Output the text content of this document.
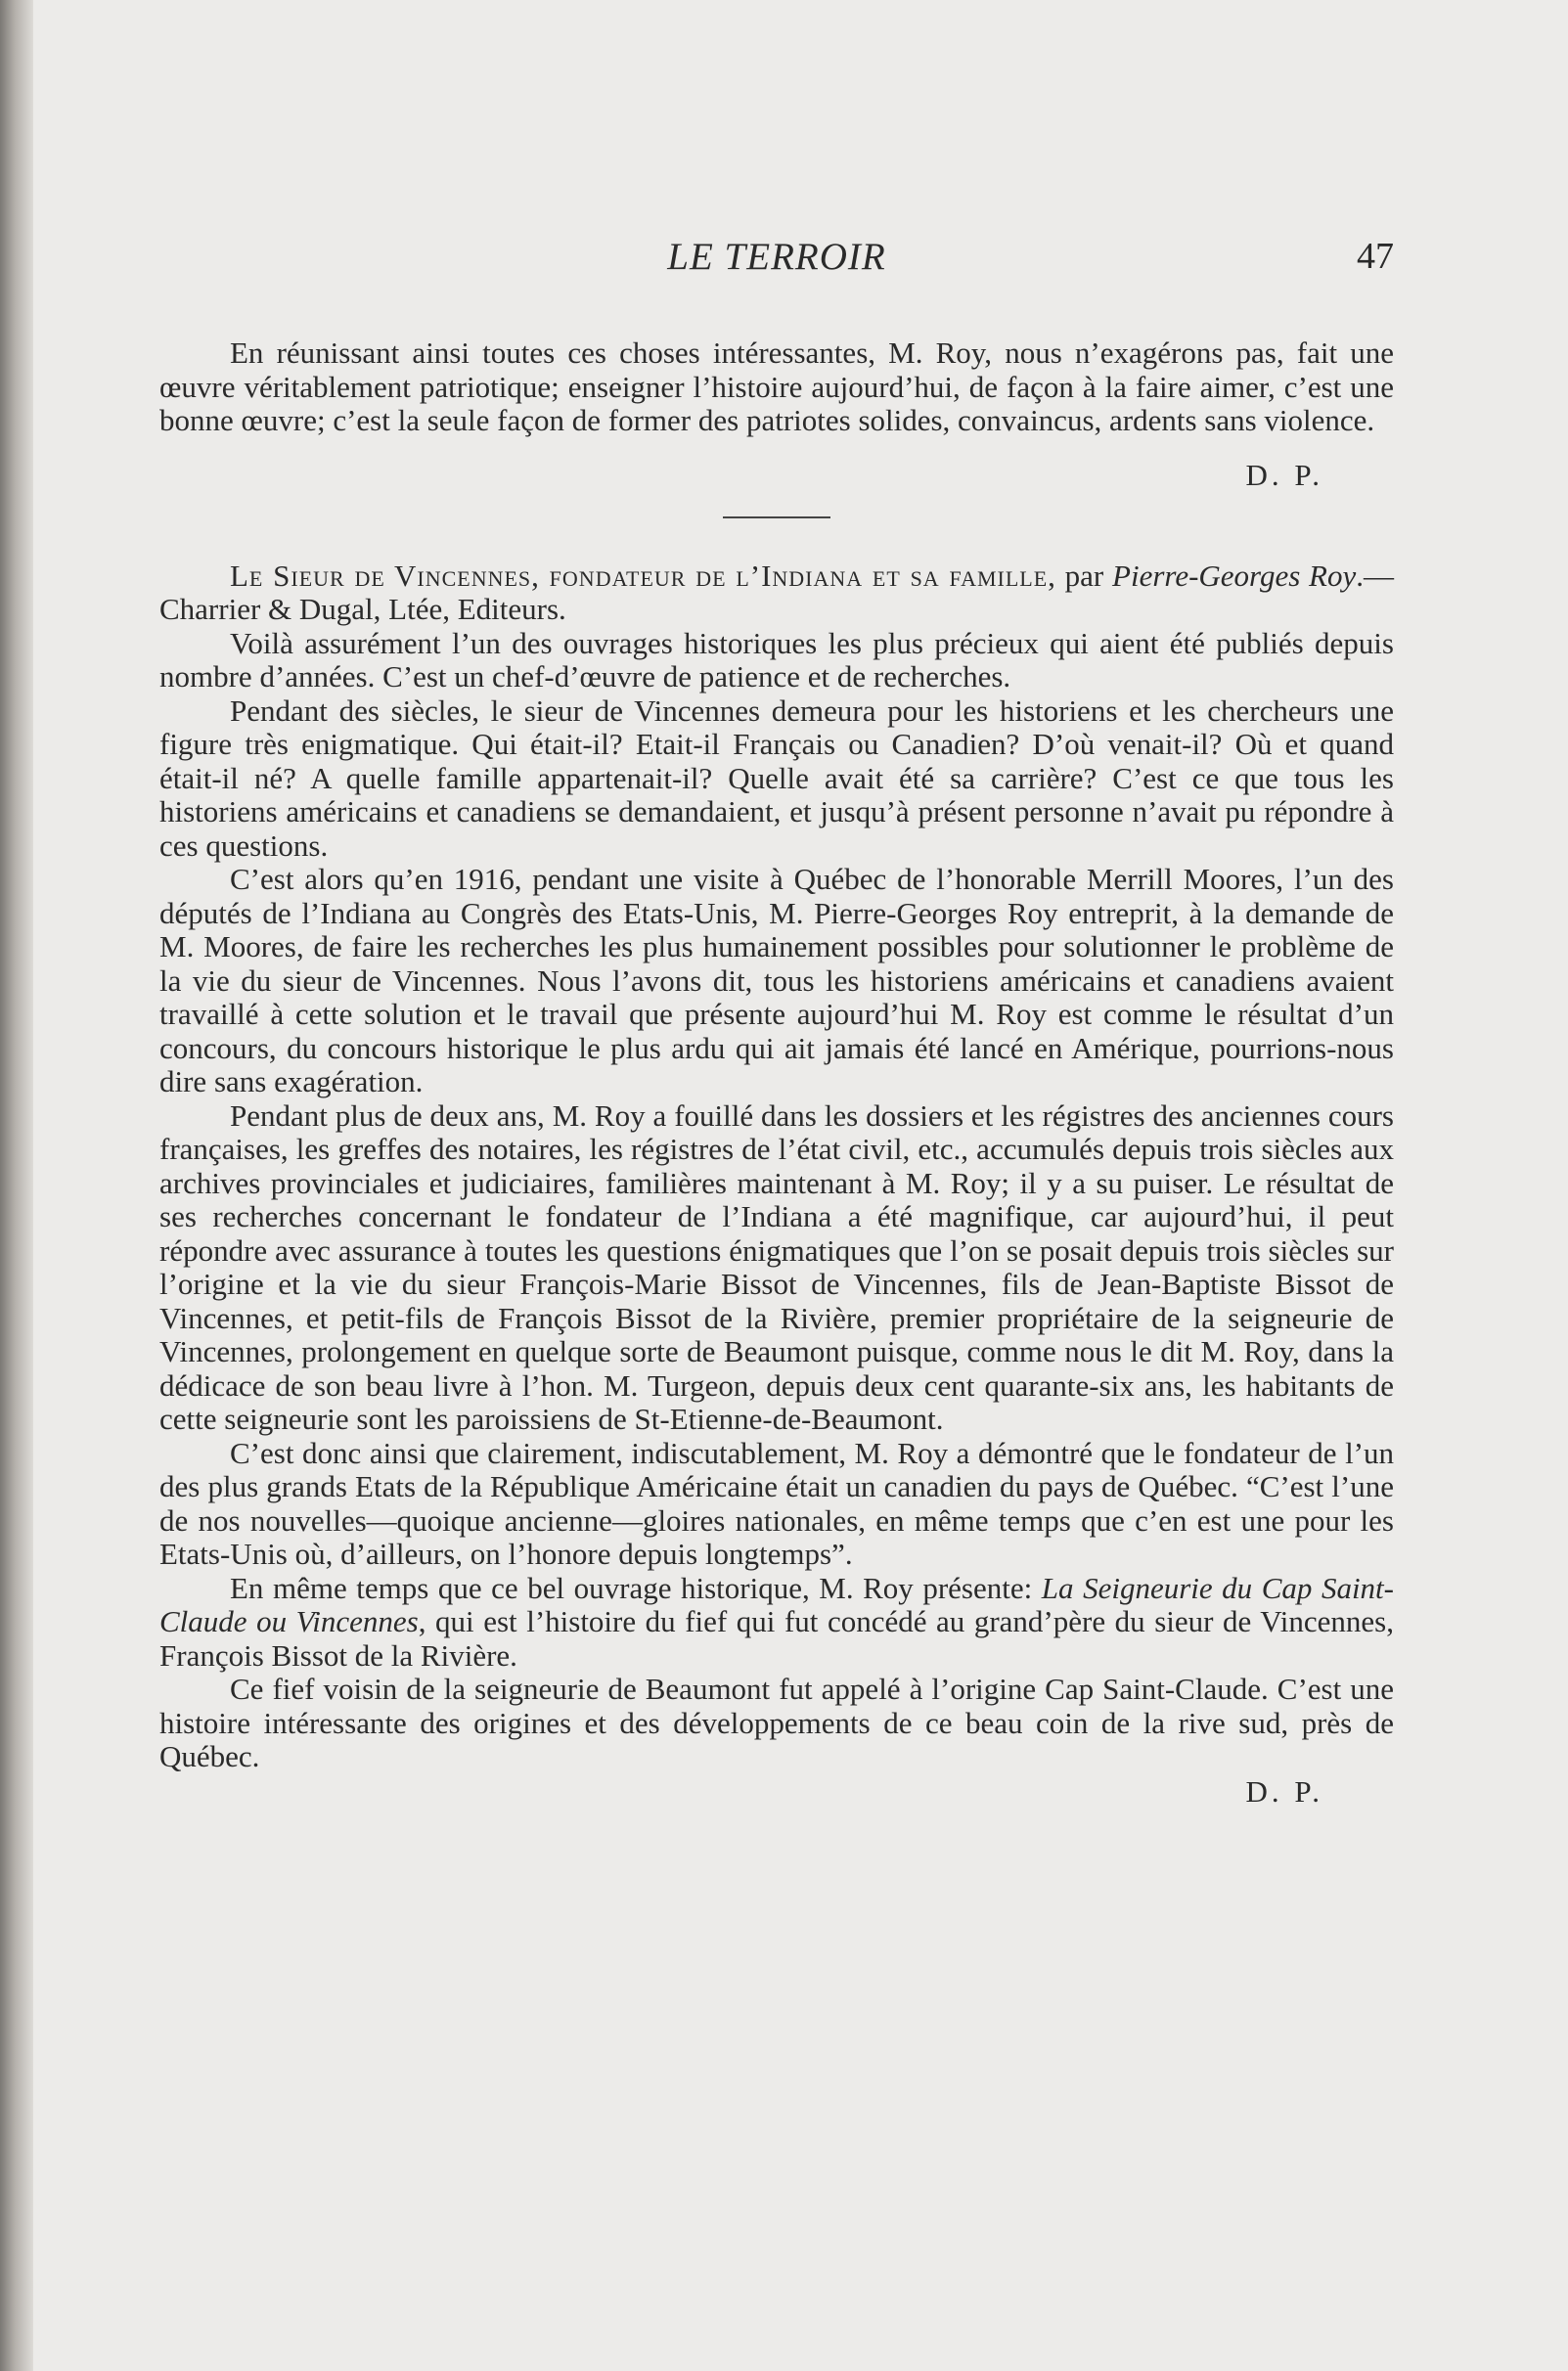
LE TERROIR	47

En réunissant ainsi toutes ces choses intéressantes, M. Roy, nous n’exagérons pas, fait une œuvre véritablement patriotique; enseigner l’histoire aujourd’hui, de façon à la faire aimer, c’est une bonne œuvre; c’est la seule façon de former des patriotes solides, convaincus, ardents sans violence.

D. P.

Le Sieur de Vincennes, fondateur de l’Indiana et sa famille, par Pierre-Georges Roy.—Charrier & Dugal, Ltée, Editeurs.

Voilà assurément l’un des ouvrages historiques les plus précieux qui aient été publiés depuis nombre d’années. C’est un chef-d’œuvre de patience et de recherches.

Pendant des siècles, le sieur de Vincennes demeura pour les historiens et les chercheurs une figure très enigmatique. Qui était-il? Etait-il Français ou Canadien? D’où venait-il? Où et quand était-il né? A quelle famille appartenait-il? Quelle avait été sa carrière? C’est ce que tous les historiens américains et canadiens se demandaient, et jusqu’à présent personne n’avait pu répondre à ces questions.

C’est alors qu’en 1916, pendant une visite à Québec de l’honorable Merrill Moores, l’un des députés de l’Indiana au Congrès des Etats-Unis, M. Pierre-Georges Roy entreprit, à la demande de M. Moores, de faire les recherches les plus humainement possibles pour solutionner le problème de la vie du sieur de Vincennes. Nous l’avons dit, tous les historiens américains et canadiens avaient travaillé à cette solution et le travail que présente aujourd’hui M. Roy est comme le résultat d’un concours, du concours historique le plus ardu qui ait jamais été lancé en Amérique, pourrions-nous dire sans exagération.

Pendant plus de deux ans, M. Roy a fouillé dans les dossiers et les régistres des anciennes cours françaises, les greffes des notaires, les régistres de l’état civil, etc., accumulés depuis trois siècles aux archives provinciales et judiciaires, familières maintenant à M. Roy; il y a su puiser. Le résultat de ses recherches concernant le fondateur de l’Indiana a été magnifique, car aujourd’hui, il peut répondre avec assurance à toutes les questions énigmatiques que l’on se posait depuis trois siècles sur l’origine et la vie du sieur François-Marie Bissot de Vincennes, fils de Jean-Baptiste Bissot de Vincennes, et petit-fils de François Bissot de la Rivière, premier propriétaire de la seigneurie de Vincennes, prolongement en quelque sorte de Beaumont puisque, comme nous le dit M. Roy, dans la dédicace de son beau livre à l’hon. M. Turgeon, depuis deux cent quarante-six ans, les habitants de cette seigneurie sont les paroissiens de St-Etienne-de-Beaumont.

C’est donc ainsi que clairement, indiscutablement, M. Roy a démontré que le fondateur de l’un des plus grands Etats de la République Américaine était un canadien du pays de Québec. “C’est l’une de nos nouvelles—quoique ancienne—gloires nationales, en même temps que c’en est une pour les Etats-Unis où, d’ailleurs, on l’honore depuis longtemps”.

En même temps que ce bel ouvrage historique, M. Roy présente: La Seigneurie du Cap Saint-Claude ou Vincennes, qui est l’histoire du fief qui fut concédé au grand’père du sieur de Vincennes, François Bissot de la Rivière.

Ce fief voisin de la seigneurie de Beaumont fut appelé à l’origine Cap Saint-Claude. C’est une histoire intéressante des origines et des développements de ce beau coin de la rive sud, près de Québec.

D. P.
